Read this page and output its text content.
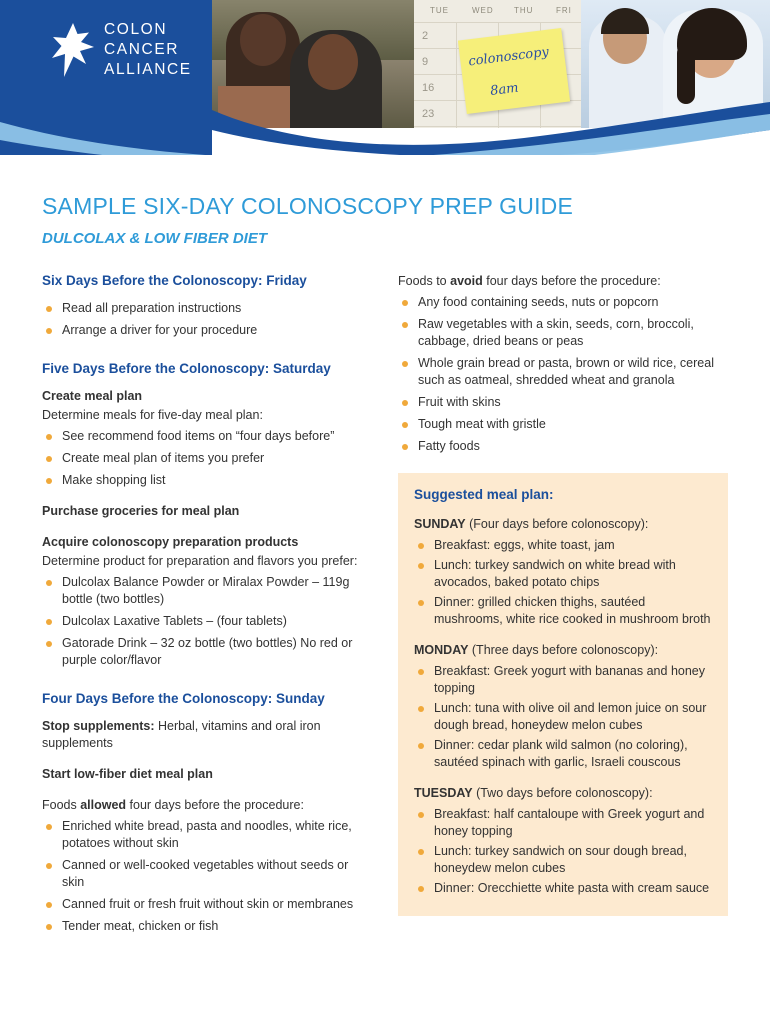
TUE	WED	THU	FRI
2
9
16
23
colonoscopy
8am
COLON
CANCER
ALLIANCE
SAMPLE SIX-DAY COLONOSCOPY PREP GUIDE

DULCOLAX & LOW FIBER DIET

Six Days Before the Colonoscopy: Friday
Read all preparation instructions
Arrange a driver for your procedure
Five Days Before the Colonoscopy: Saturday

Create meal plan

Determine meals for five-day meal plan:

See recommend food items on “four days before”
Create meal plan of items you prefer
Make shopping list

Purchase groceries for meal plan

Acquire colonoscopy preparation products

Determine product for preparation and flavors you prefer:

Dulcolax Balance Powder or Miralax Powder – 119g bottle (two bottles)
Dulcolax Laxative Tablets – (four tablets)
Gatorade Drink – 32 oz bottle (two bottles) No red or purple color/flavor
Four Days Before the Colonoscopy: Sunday

Stop supplements: Herbal, vitamins and oral iron supplements

Start low-fiber diet meal plan

Foods allowed four days before the procedure:

Enriched white bread, pasta and noodles, white rice, potatoes without skin
Canned or well-cooked vegetables without seeds or skin
Canned fruit or fresh fruit without skin or membranes
Tender meat, chicken or fish

Foods to avoid four days before the procedure:

Any food containing seeds, nuts or popcorn
Raw vegetables with a skin, seeds, corn, broccoli, cabbage, dried beans or peas
Whole grain bread or pasta, brown or wild rice, cereal such as oatmeal, shredded wheat and granola
Fruit with skins
Tough meat with gristle
Fatty foods
Suggested meal plan:

SUNDAY (Four days before colonoscopy):

Breakfast: eggs, white toast, jam
Lunch: turkey sandwich on white bread with avocados, baked potato chips
Dinner: grilled chicken thighs, sautéed mushrooms, white rice cooked in mushroom broth

MONDAY (Three days before colonoscopy):

Breakfast: Greek yogurt with bananas and honey topping
Lunch: tuna with olive oil and lemon juice on sour dough bread, honeydew melon cubes
Dinner: cedar plank wild salmon (no coloring), sautéed spinach with garlic, Israeli couscous

TUESDAY (Two days before colonoscopy):

Breakfast: half cantaloupe with Greek yogurt and honey topping
Lunch: turkey sandwich on sour dough bread, honeydew melon cubes
Dinner: Orecchiette white pasta with cream sauce
